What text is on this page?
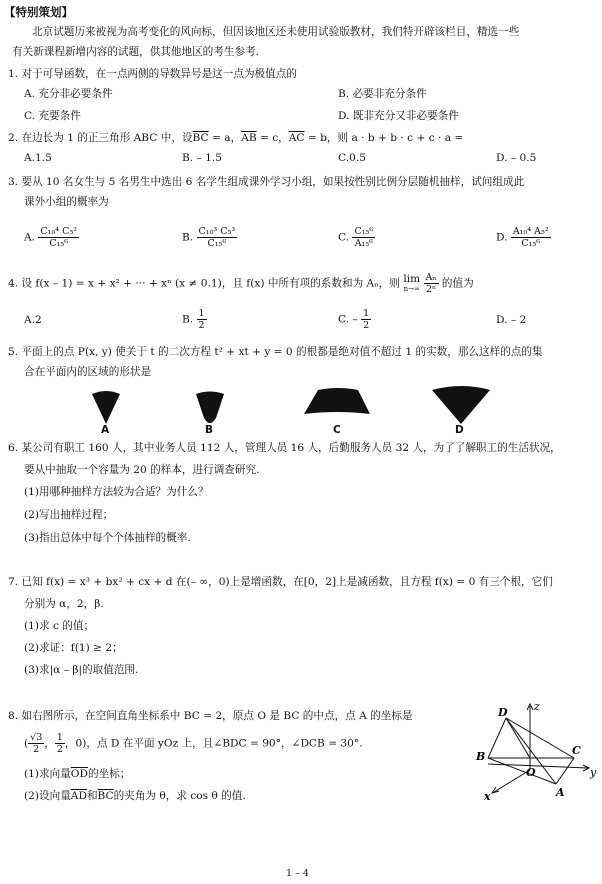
【特别策划】
北京试题历来被视为高考变化的风向标，但因该地区还未使用试验版教材，我们特开辟该栏目，精选一些
有关新课程新增内容的试题，供其他地区的考生参考.
1. 对于可导函数，在一点两侧的导数异号是这一点为极值点的
A. 充分非必要条件	B. 必要非充分条件
C. 充要条件	D. 既非充分又非必要条件
2. 在边长为 1 的正三角形 ABC 中，设$\overline{BC} = a$，$\overline{AB} = c$，$\overline{AC} = b$，则 a · b + b · c + c · a =
A.1.5	B. – 1.5	C.0.5	D. – 0.5
3. 要从 10 名女生与 5 名男生中选出 6 名学生组成课外学习小组，如果按性别比例分层随机抽样，试问组成此
课外小组的概率为
A. $\frac{\text{C₁₀⁴ C₅²}}{\text{C₁₅⁶}}$	B. $\frac{\text{C₁₀³ C₅³}}{\text{C₁₅⁶}}$	C. $\frac{\text{C₁₅⁶}}{\text{A₁₅⁶}}$	D. $\frac{\text{A₁₀⁴ A₅²}}{\text{C₁₅⁶}}$
4. 设 f(x – 1) = x + x² + ··· + xⁿ (x ≠ 0.1)，且 f(x) 中所有项的系数和为 Aₙ，则 lim
n→∞
$\frac{\text{Aₙ}}{\text{2ⁿ}}$ 的值为
A.2	B. $\frac{1}{2}$	C. – $\frac{1}{2}$	D. – 2
5. 平面上的点 P(x, y) 使关于 t 的二次方程 t² + xt + y = 0 的根都是绝对值不超过 1 的实数，那么这样的点的集
合在平面内的区域的形状是
A	B	C	D
6. 某公司有职工 160 人，其中业务人员 112 人，管理人员 16 人，后勤服务人员 32 人，为了了解职工的生活状况，
要从中抽取一个容量为 20 的样本，进行调查研究.
(1)用哪种抽样方法较为合适？为什么？
(2)写出抽样过程；
(3)指出总体中每个个体抽样的概率.
7. 已知 f(x) = x³ + bx² + cx + d 在(– ∞，0)上是增函数，在[0，2]上是减函数，且方程 f(x) = 0 有三个根，它们
分别为 α，2，β.
(1)求 c 的值；
(2)求证：f(1) ≥ 2；
(3)求|α – β|的取值范围.
8. 如右图所示，在空间直角坐标系中 BC = 2，原点 O 是 BC 的中点，点 A 的坐标是
( $\frac{√3}{2}$ ， $\frac{1}{2}$ ，0)，点 D 在平面 yOz 上，且∠BDC = 90°，∠DCB = 30°.
(1)求向量$\overline{OD}$的坐标；
(2)设向量$\overline{AD}$和$\overline{BC}$的夹角为 θ，求 cos θ 的值.
D z
B	C
O	y
A
x
1 – 4
